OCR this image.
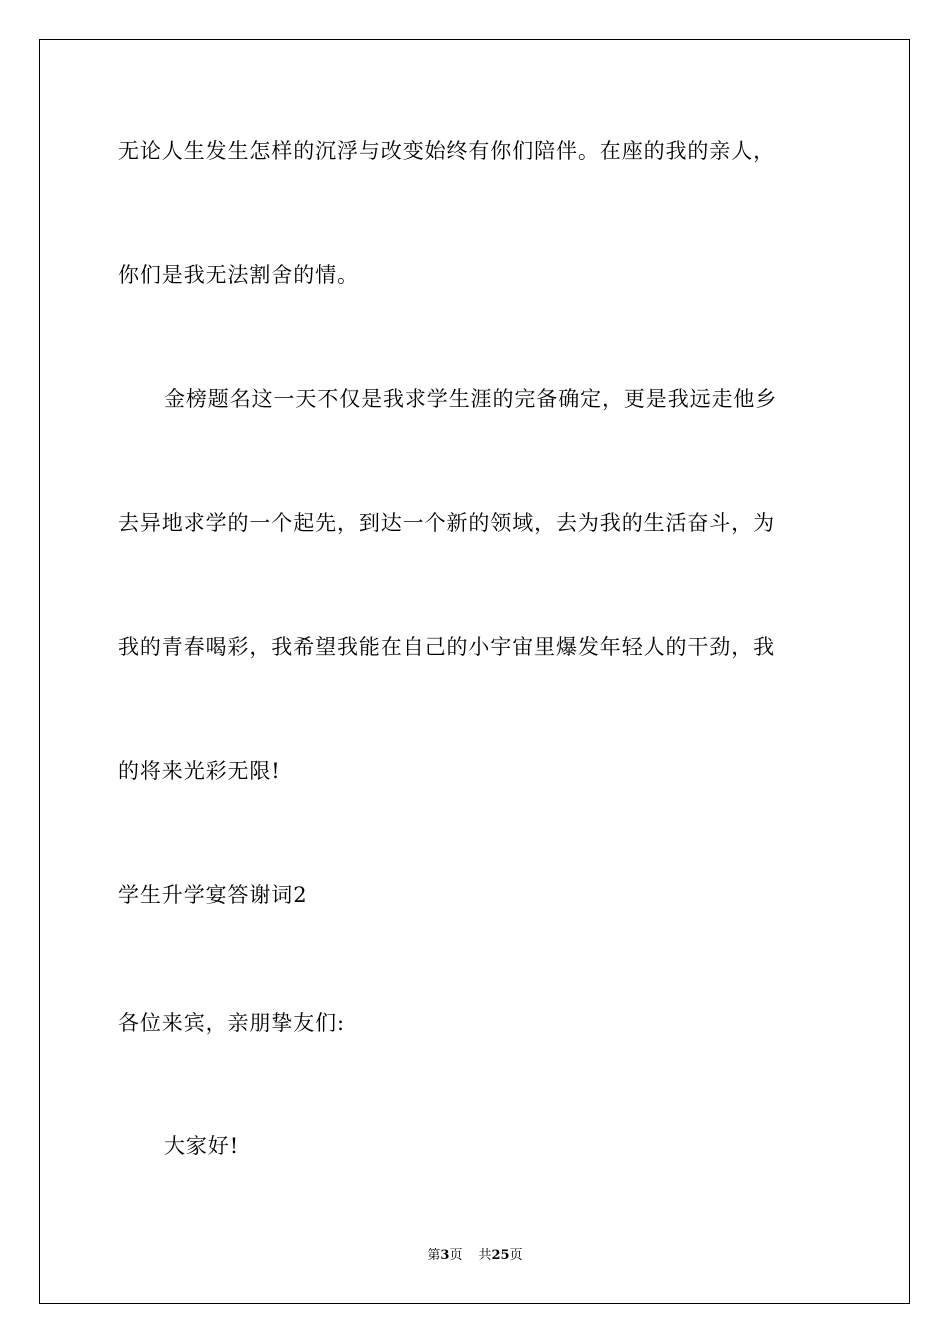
无论人生发生怎样的沉浮与改变始终有你们陪伴。在座的我的亲人，
你们是我无法割舍的情。
金榜题名这一天不仅是我求学生涯的完备确定，更是我远走他乡
去异地求学的一个起先，到达一个新的领域，去为我的生活奋斗，为
我的青春喝彩，我希望我能在自己的小宇宙里爆发年轻人的干劲，我
的将来光彩无限!
学生升学宴答谢词2
各位来宾，亲朋挚友们:
大家好!
第3页 共25页
